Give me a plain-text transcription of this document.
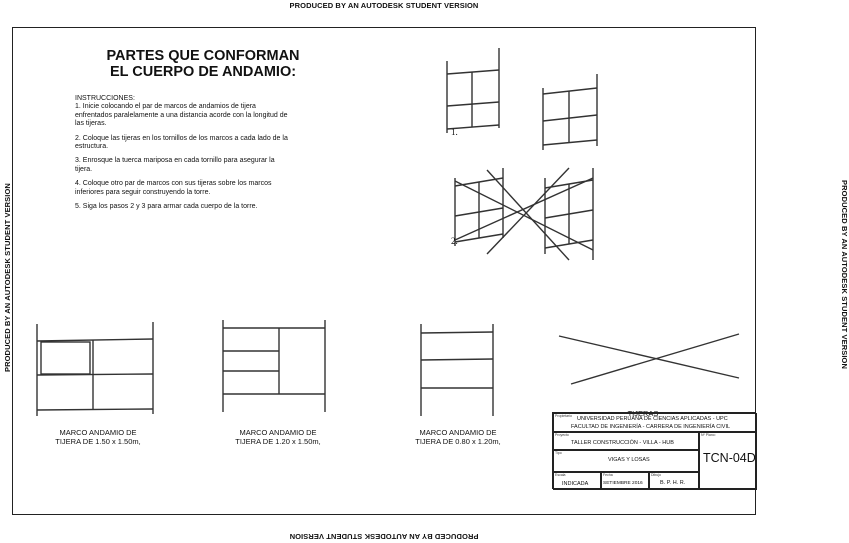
PRODUCED BY AN AUTODESK STUDENT VERSION
PRODUCED BY AN AUTODESK STUDENT VERSION
PRODUCED BY AN AUTODESK STUDENT VERSION	PRODUCED BY AN AUTODESK STUDENT VERSION
PARTES QUE CONFORMAN
EL CUERPO DE ANDAMIO:

INSTRUCCIONES:

1. Inicie colocando el par de marcos de andamios de tijera enfrentados paralelamente a una distancia acorde con la longitud de las tijeras.

2. Coloque las tijeras en los tornillos de los marcos a cada lado de la estructura.

3. Enrosque la tuerca mariposa en cada tornillo para asegurar la tijera.

4. Coloque otro par de marcos con sus tijeras sobre los marcos inferiores para seguir construyendo la torre.

5. Siga los pasos 2 y 3 para armar cada cuerpo de la torre.

1.
2.
MARCO ANDAMIO DE
TIJERA DE 1.50 x 1.50m,
MARCO ANDAMIO DE
TIJERA DE 1.20 x 1.50m,
MARCO ANDAMIO DE
TIJERA DE 0.80 x 1.20m,
TIJERAS
Propietario UNIVERSIDAD PERUANA DE CIENCIAS APLICADAS - UPC
FACULTAD DE INGENIERÍA - CARRERA DE INGENIERÍA CIVIL
Proyecto
TALLER CONSTRUCCIÓN - VILLA - HUB
Nº Plano:
TCN-04D
Tipo
VIGAS Y LOSAS
Escala
INDICADA
Fecha
SETIEMBRE 2016
Dibujo
B. P. H. R.
